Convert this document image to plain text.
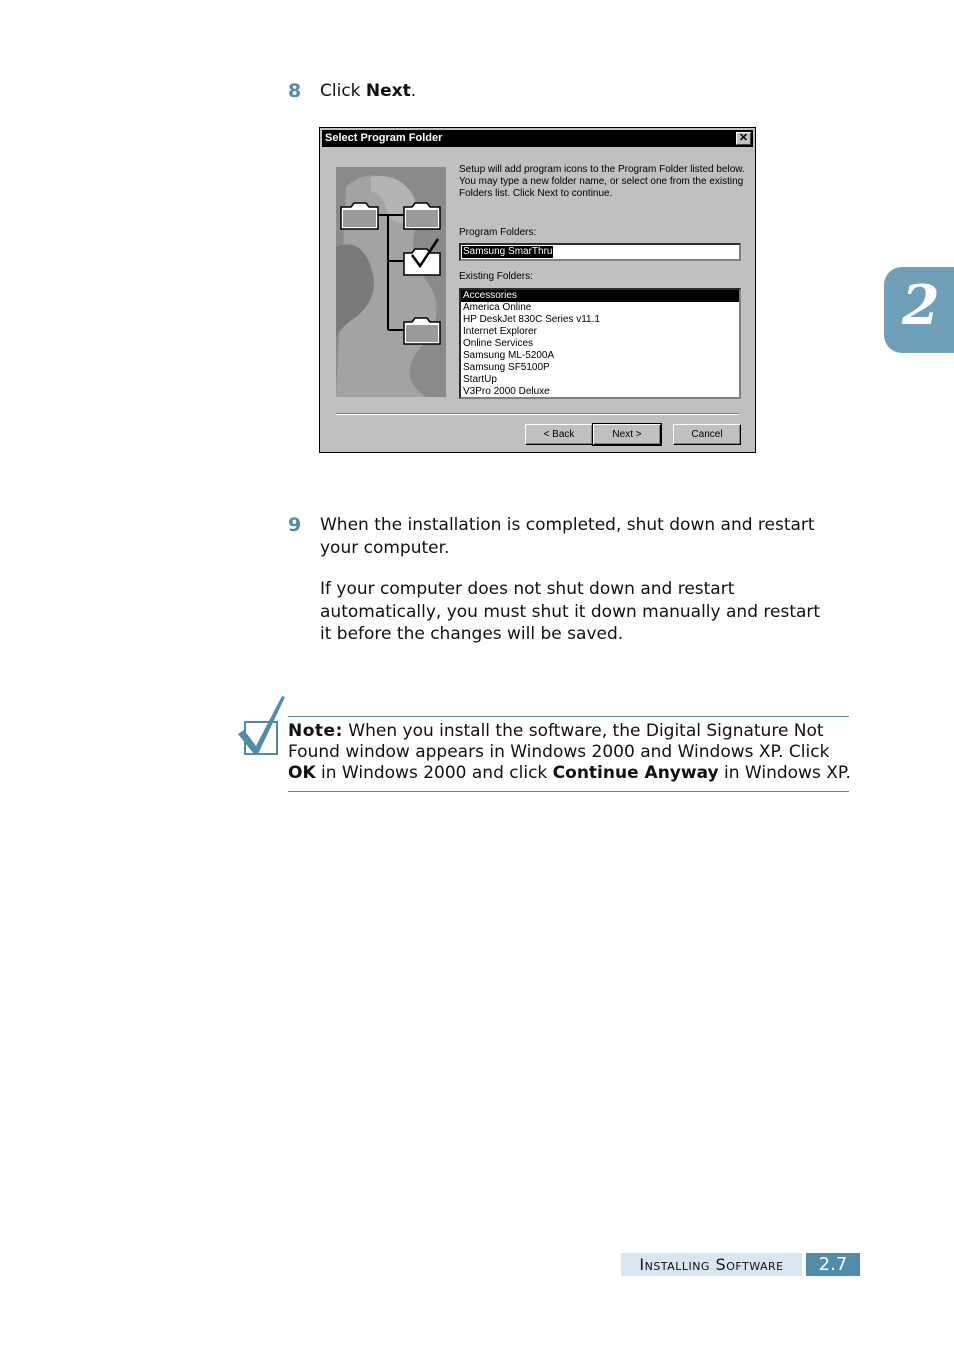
8 Click Next.
Select Program Folder	✕
Setup will add program icons to the Program Folder listed below.
You may type a new folder name, or select one from the existing
Folders list. Click Next to continue.
Program Folders:
Samsung SmarThru
Existing Folders:
Accessories
America Online
HP DeskJet 830C Series v11.1
Internet Explorer
Online Services
Samsung ML-5200A
Samsung SF5100P
StartUp
V3Pro 2000 Deluxe
< Back	Next >	Cancel
9 When the installation is completed, shut down and restart
your computer.
If your computer does not shut down and restart
automatically, you must shut it down manually and restart
it before the changes will be saved.
Note: When you install the software, the Digital Signature Not
Found window appears in Windows 2000 and Windows XP. Click
OK in Windows 2000 and click Continue Anyway in Windows XP.
2
Installing Software	2.7
